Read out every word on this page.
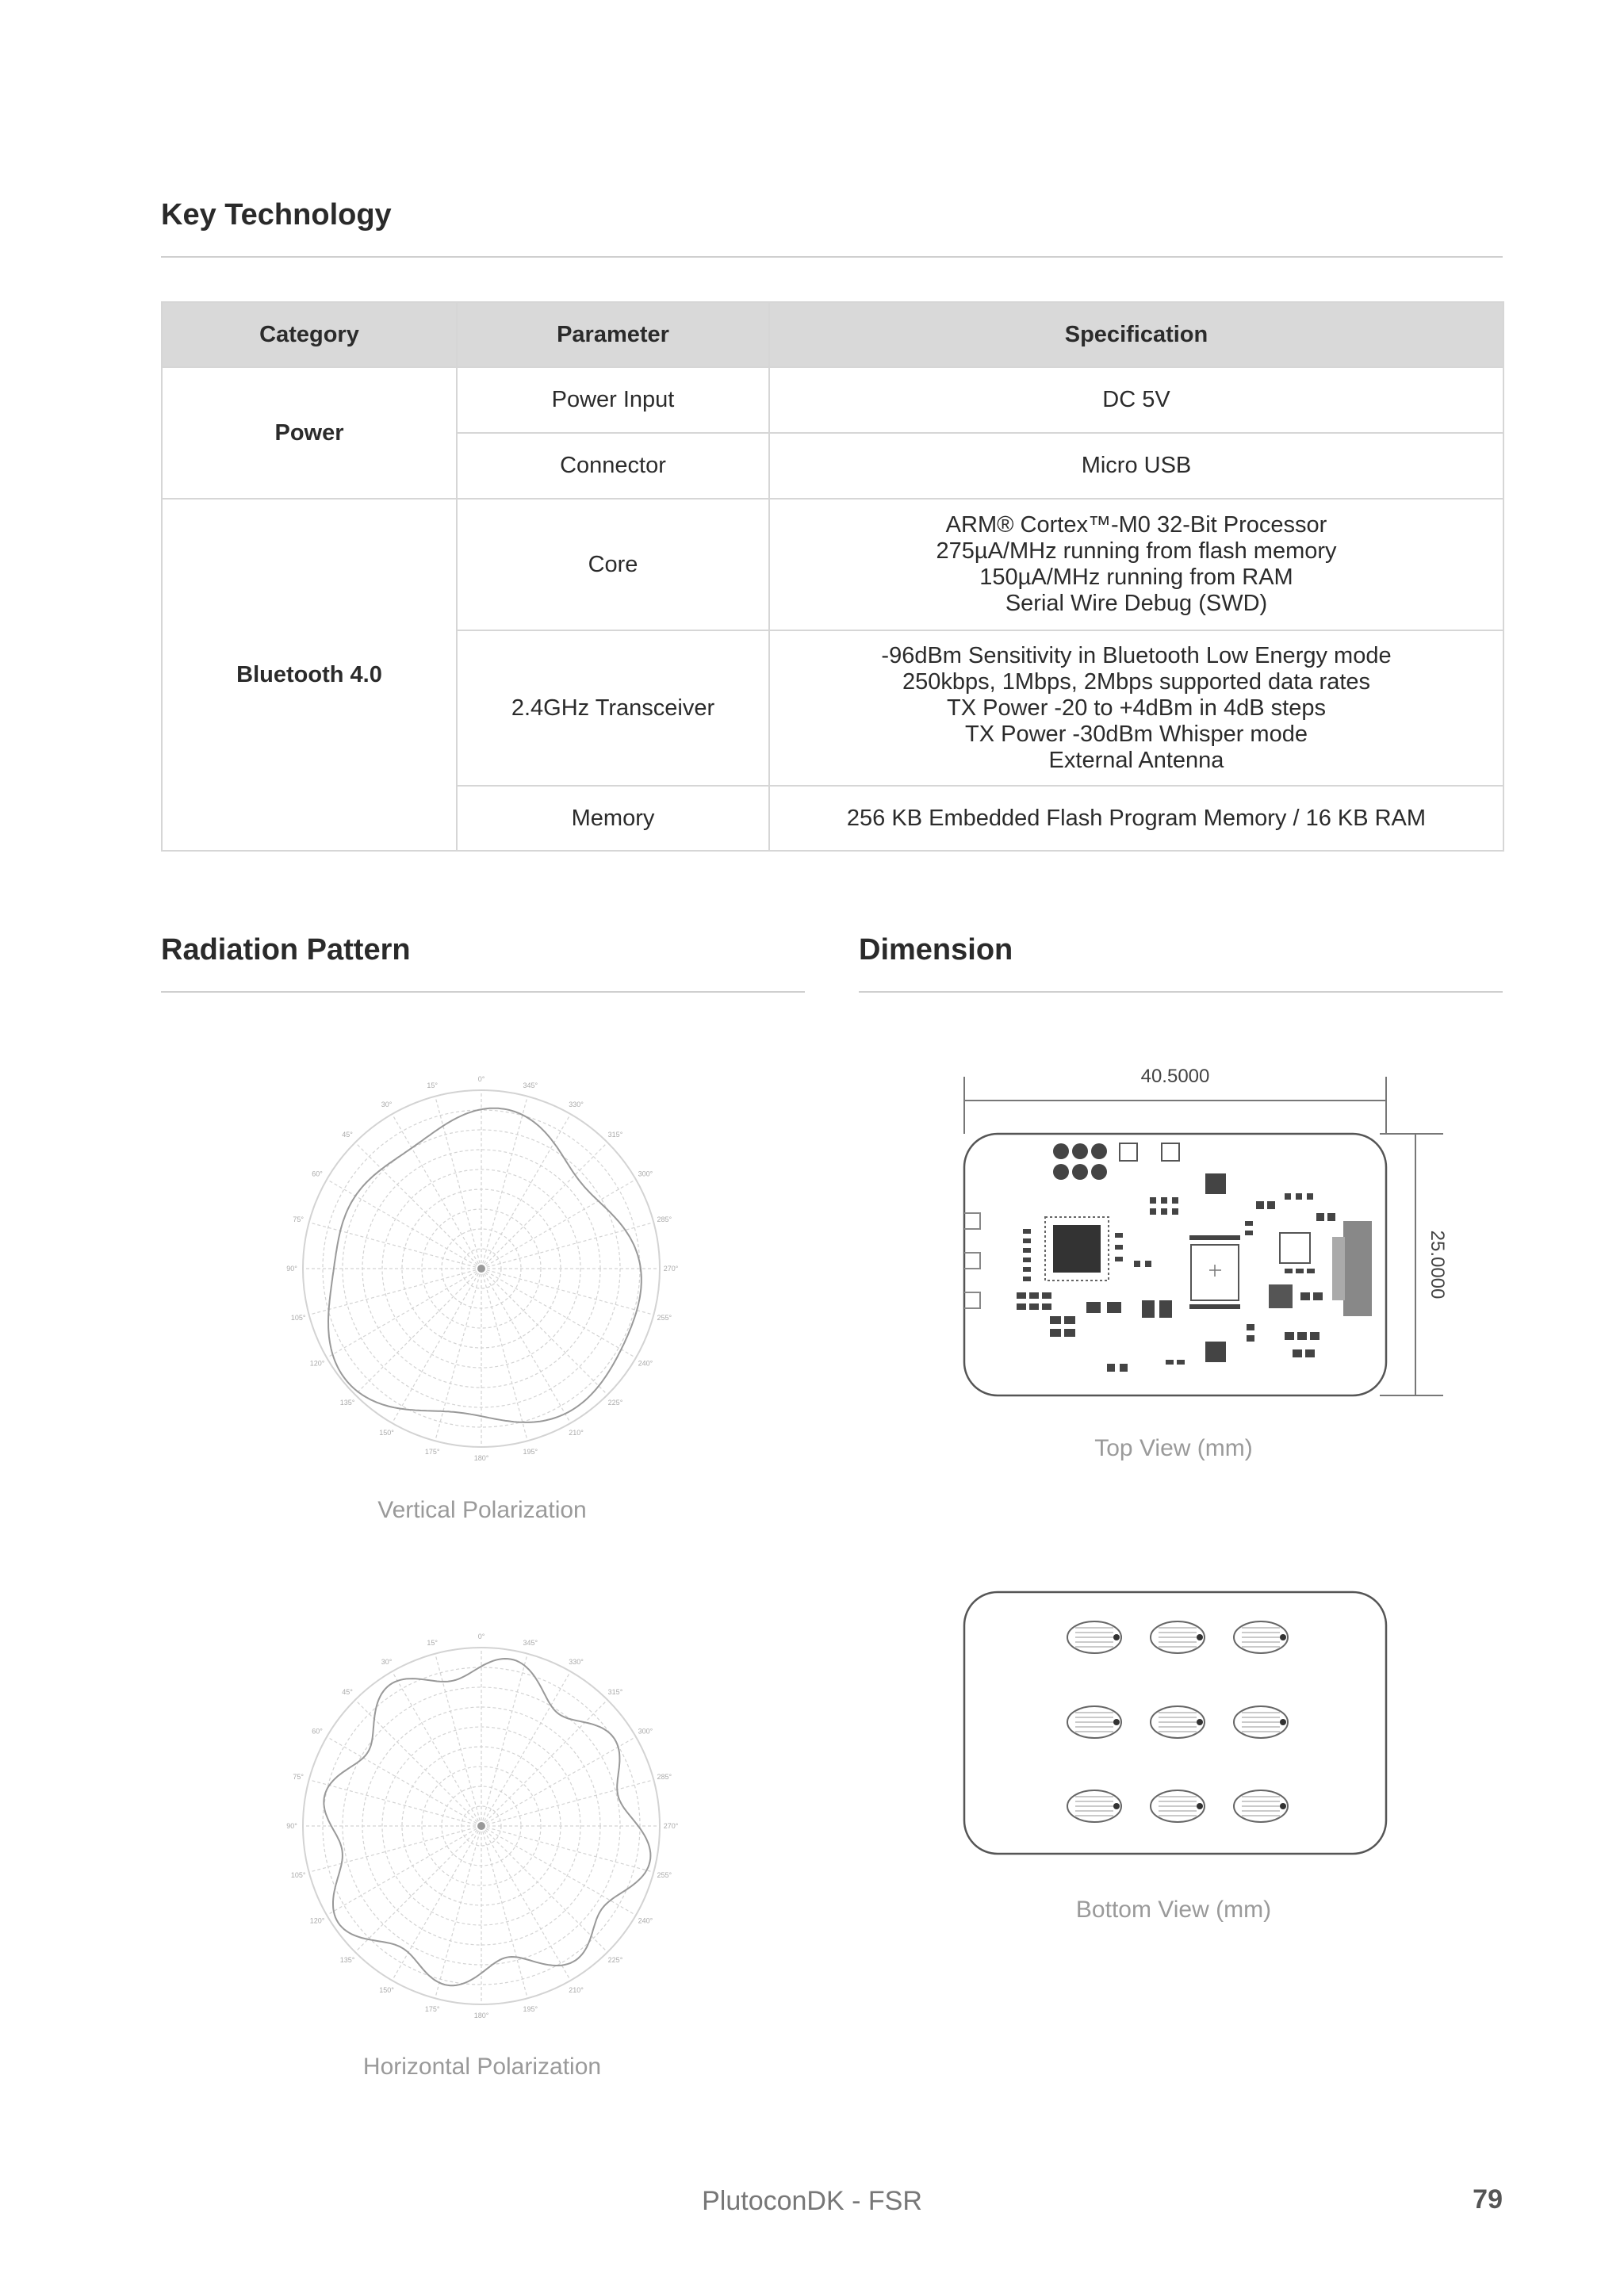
Key Technology
Category	Parameter	Specification
Power	Power Input	DC 5V

	Connector	Micro USB

Bluetooth 4.0	Core	ARM® Cortex™-M0 32-Bit Processor
275µA/MHz running from flash memory
150µA/MHz running from RAM
Serial Wire Debug (SWD)

	2.4GHz Transceiver	-96dBm Sensitivity in Bluetooth Low Energy mode
250kbps, 1Mbps, 2Mbps supported data rates
TX Power -20 to +4dBm in 4dB steps
TX Power -30dBm Whisper mode
External Antenna

	Memory	256 KB Embedded Flash Program Memory / 16 KB RAM
Radiation Pattern
0°
15°
30°
45°
60°
75°
90°
105°
120°
135°
150°
175°
180°
195°
210°
225°
240°
255°
270°
285°
300°
315°
330°
345°
Vertical Polarization
0°
15°
30°
45°
60°
75°
90°
105°
120°
135°
150°
175°
180°
195°
210°
225°
240°
255°
270°
285°
300°
315°
330°
345°
Horizontal Polarization
Dimension
40.5000
25.0000
Top View (mm)
Bottom View (mm)
PlutoconDK - FSR	79
